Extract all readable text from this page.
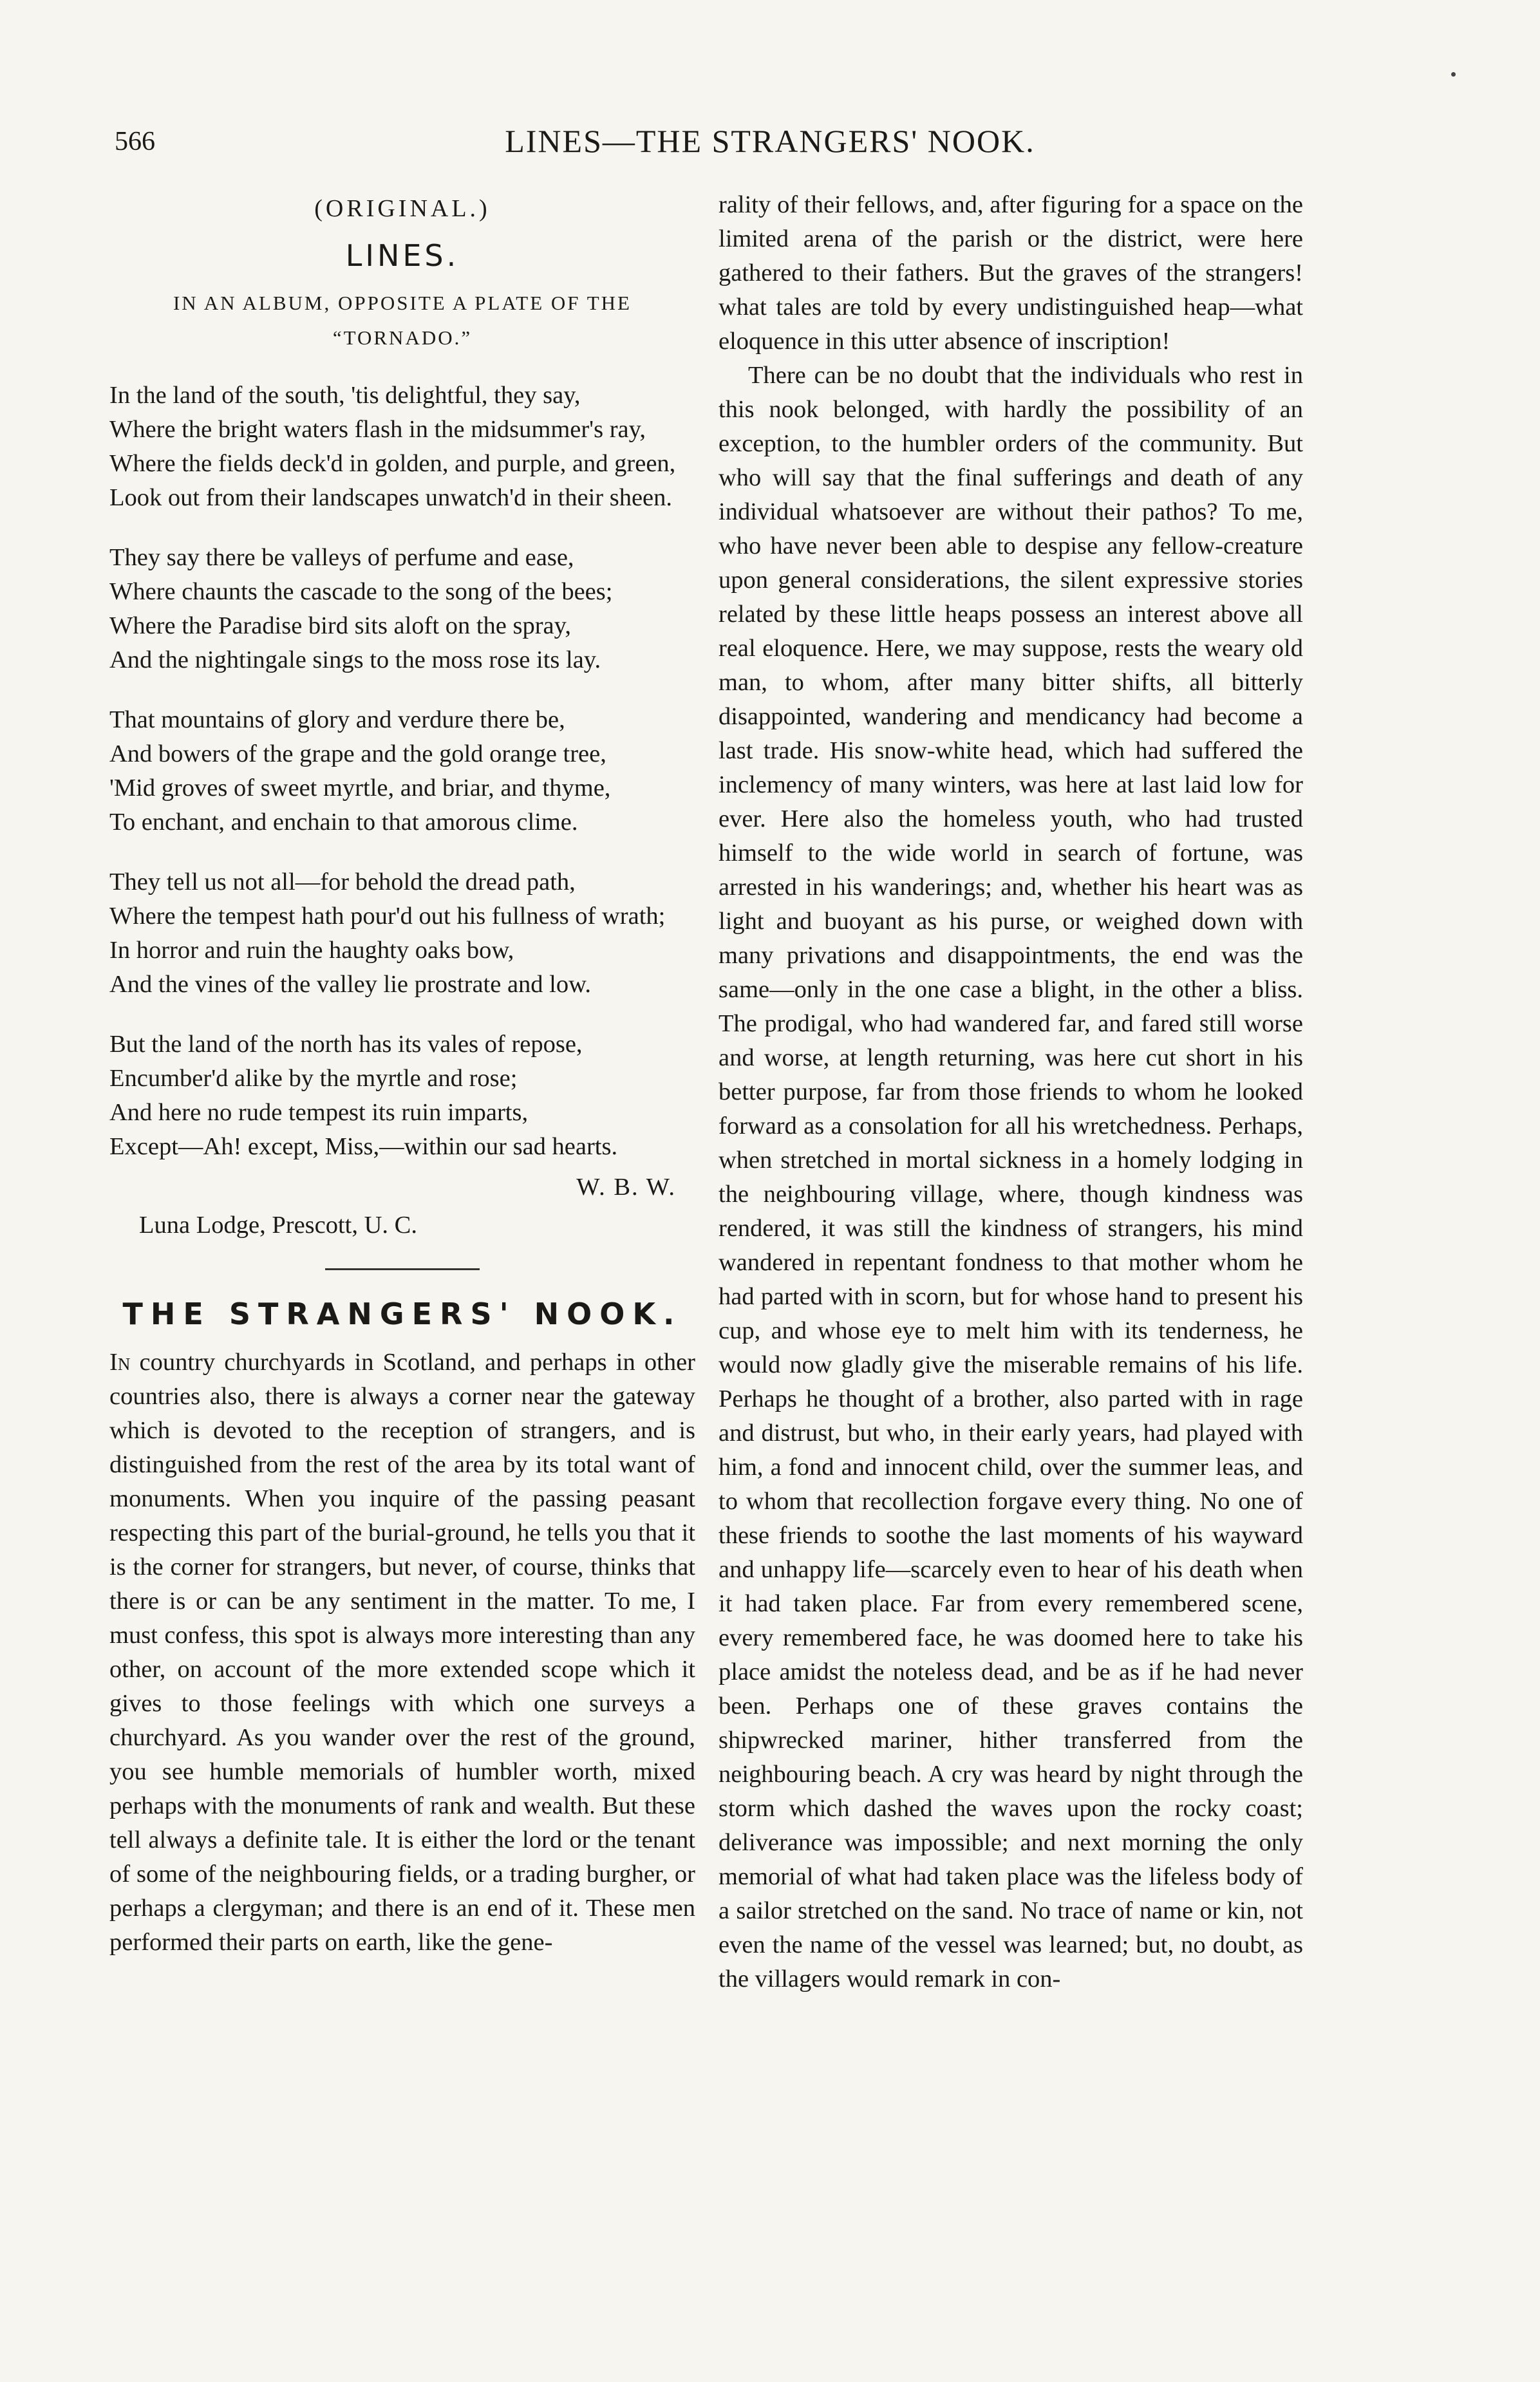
566	LINES—THE STRANGERS' NOOK.
(ORIGINAL.)
LINES.
IN AN ALBUM, OPPOSITE A PLATE OF THE “TORNADO.”

In the land of the south, 'tis delightful, they say,

Where the bright waters flash in the midsummer's ray,

Where the fields deck'd in golden, and purple, and green,

Look out from their landscapes unwatch'd in their sheen.

They say there be valleys of perfume and ease,

Where chaunts the cascade to the song of the bees;

Where the Paradise bird sits aloft on the spray,

And the nightingale sings to the moss rose its lay.

That mountains of glory and verdure there be,

And bowers of the grape and the gold orange tree,

'Mid groves of sweet myrtle, and briar, and thyme,

To enchant, and enchain to that amorous clime.

They tell us not all—for behold the dread path,

Where the tempest hath pour'd out his fullness of wrath;

In horror and ruin the haughty oaks bow,

And the vines of the valley lie prostrate and low.

But the land of the north has its vales of repose,

Encumber'd alike by the myrtle and rose;

And here no rude tempest its ruin imparts,

Except—Ah! except, Miss,—within our sad hearts.

W. B. W.
Luna Lodge, Prescott, U. C.
THE STRANGERS' NOOK.

In country churchyards in Scotland, and perhaps in other countries also, there is always a corner near the gateway which is devoted to the reception of strangers, and is distinguished from the rest of the area by its total want of monuments. When you inquire of the passing peasant respecting this part of the burial-ground, he tells you that it is the corner for strangers, but never, of course, thinks that there is or can be any sentiment in the matter. To me, I must confess, this spot is always more interesting than any other, on account of the more extended scope which it gives to those feelings with which one surveys a churchyard. As you wander over the rest of the ground, you see humble memorials of humbler worth, mixed perhaps with the monuments of rank and wealth. But these tell always a definite tale. It is either the lord or the tenant of some of the neighbouring fields, or a trading burgher, or perhaps a clergyman; and there is an end of it. These men performed their parts on earth, like the gene-

rality of their fellows, and, after figuring for a space on the limited arena of the parish or the district, were here gathered to their fathers. But the graves of the strangers! what tales are told by every undistinguished heap—what eloquence in this utter absence of inscription!

There can be no doubt that the individuals who rest in this nook belonged, with hardly the possibility of an exception, to the humbler orders of the community. But who will say that the final sufferings and death of any individual whatsoever are without their pathos? To me, who have never been able to despise any fellow-creature upon general considerations, the silent expressive stories related by these little heaps possess an interest above all real eloquence. Here, we may suppose, rests the weary old man, to whom, after many bitter shifts, all bitterly disappointed, wandering and mendicancy had become a last trade. His snow-white head, which had suffered the inclemency of many winters, was here at last laid low for ever. Here also the homeless youth, who had trusted himself to the wide world in search of fortune, was arrested in his wanderings; and, whether his heart was as light and buoyant as his purse, or weighed down with many privations and disappointments, the end was the same—only in the one case a blight, in the other a bliss. The prodigal, who had wandered far, and fared still worse and worse, at length returning, was here cut short in his better purpose, far from those friends to whom he looked forward as a consolation for all his wretchedness. Perhaps, when stretched in mortal sickness in a homely lodging in the neighbouring village, where, though kindness was rendered, it was still the kindness of strangers, his mind wandered in repentant fondness to that mother whom he had parted with in scorn, but for whose hand to present his cup, and whose eye to melt him with its tenderness, he would now gladly give the miserable remains of his life. Perhaps he thought of a brother, also parted with in rage and distrust, but who, in their early years, had played with him, a fond and innocent child, over the summer leas, and to whom that recollection forgave every thing. No one of these friends to soothe the last moments of his wayward and unhappy life—scarcely even to hear of his death when it had taken place. Far from every remembered scene, every remembered face, he was doomed here to take his place amidst the noteless dead, and be as if he had never been. Perhaps one of these graves contains the shipwrecked mariner, hither transferred from the neighbouring beach. A cry was heard by night through the storm which dashed the waves upon the rocky coast; deliverance was impossible; and next morning the only memorial of what had taken place was the lifeless body of a sailor stretched on the sand. No trace of name or kin, not even the name of the vessel was learned; but, no doubt, as the villagers would remark in con-
